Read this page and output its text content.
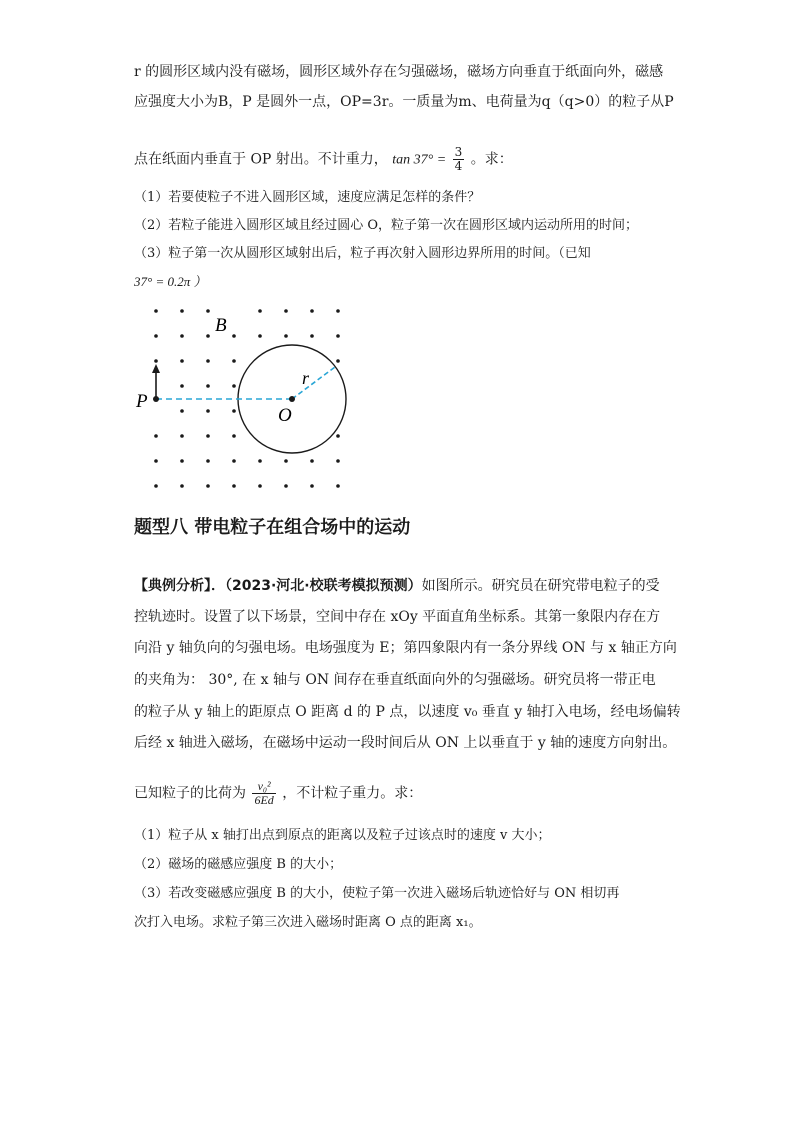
r 的圆形区域内没有磁场，圆形区域外存在匀强磁场，磁场方向垂直于纸面向外，磁感
应强度大小为B，P 是圆外一点，OP=3r。一质量为m、电荷量为q（q>0）的粒子从P
点在纸面内垂直于 OP 射出。不计重力， $\tan 37^\circ = \frac{3}{4}$ 。求：
（1）若要使粒子不进入圆形区域，速度应满足怎样的条件？
（2）若粒子能进入圆形区域且经过圆心 O，粒子第一次在圆形区域内运动所用的时间；
（3）粒子第一次从圆形区域射出后，粒子再次射入圆形边界所用的时间。（已知
37° = 0.2π ）
B
P
O
r
题型八 带电粒子在组合场中的运动
【典例分析】．（2023·河北·校联考模拟预测）如图所示。研究员在研究带电粒子的受
控轨迹时。设置了以下场景，空间中存在 xOy 平面直角坐标系。其第一象限内存在方
向沿 y 轴负向的匀强电场。电场强度为 E；第四象限内有一条分界线 ON 与 x 轴正方向
的夹角为： 30°, 在 x 轴与 ON 间存在垂直纸面向外的匀强磁场。研究员将一带正电
的粒子从 y 轴上的距原点 O 距离 d 的 P 点，以速度 v₀ 垂直 y 轴打入电场，经电场偏转
后经 x 轴进入磁场，在磁场中运动一段时间后从 ON 上以垂直于 y 轴的速度方向射出。
已知粒子的比荷为 $\frac{\text{v₀²}}{6Ed}$ ，不计粒子重力。求：
（1）粒子从 x 轴打出点到原点的距离以及粒子过该点时的速度 v 大小；
（2）磁场的磁感应强度 B 的大小；
（3）若改变磁感应强度 B 的大小，使粒子第一次进入磁场后轨迹恰好与 ON 相切再
次打入电场。求粒子第三次进入磁场时距离 O 点的距离 x₁。
